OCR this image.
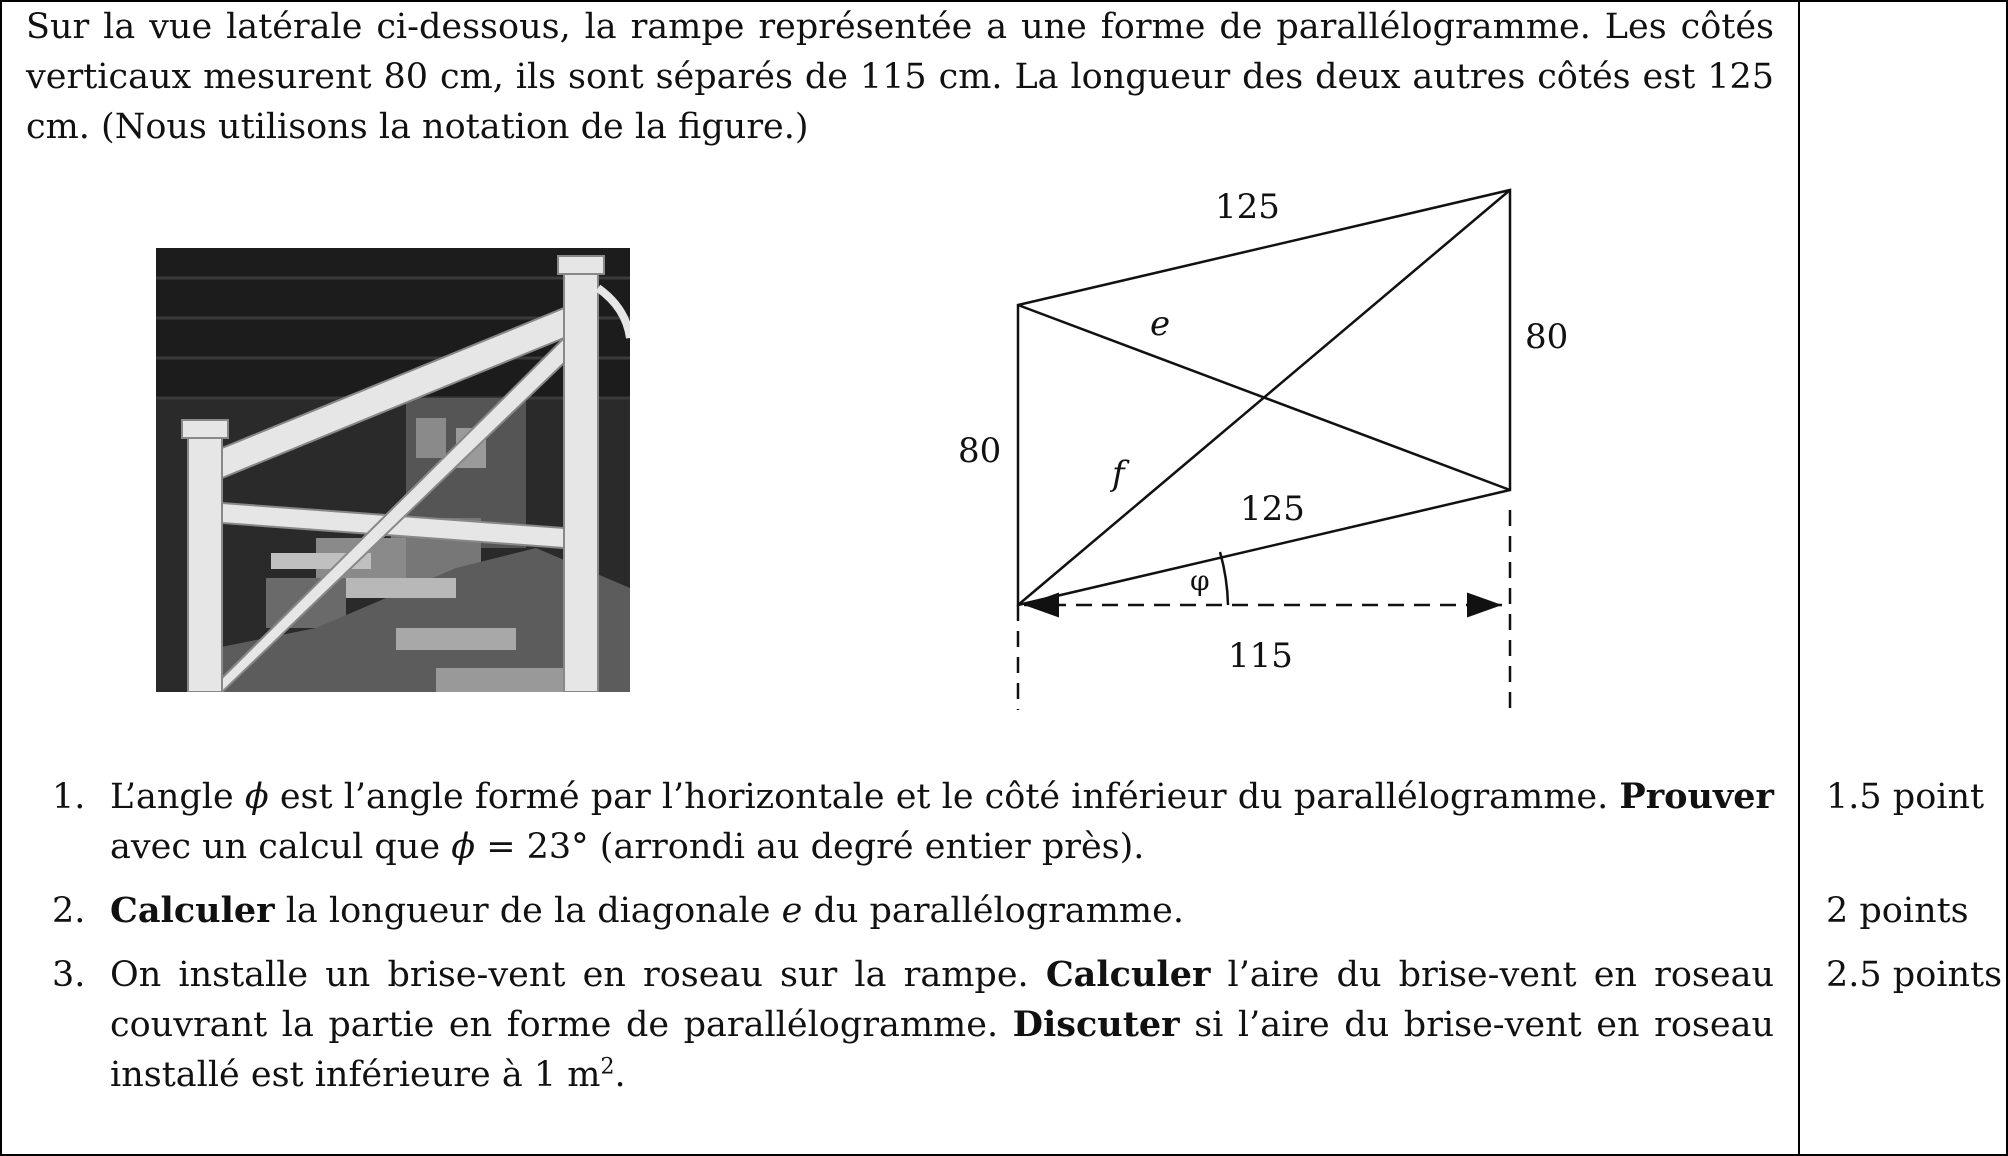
Sur la vue latérale ci-dessous, la rampe représentée a une forme de parallélogramme. Les côtés verticaux mesurent 80 cm, ils sont séparés de 115 cm. La longueur des deux autres côtés est 125 cm. (Nous utilisons la notation de la figure.)
125
80
80
125
115
e
f
φ
1. L’angle ϕ est l’angle formé par l’horizontale et le côté inférieur du parallélogramme. Prouver avec un calcul que ϕ = 23° (arrondi au degré entier près).
2. Calculer la longueur de la diagonale e du parallélogramme.
3. On installe un brise-vent en roseau sur la rampe. Calculer l’aire du brise-vent en roseau couvrant la partie en forme de parallélogramme. Discuter si l’aire du brise-vent en roseau installé est inférieure à 1 $m^2$.
1.5 point
2 points
2.5 points
